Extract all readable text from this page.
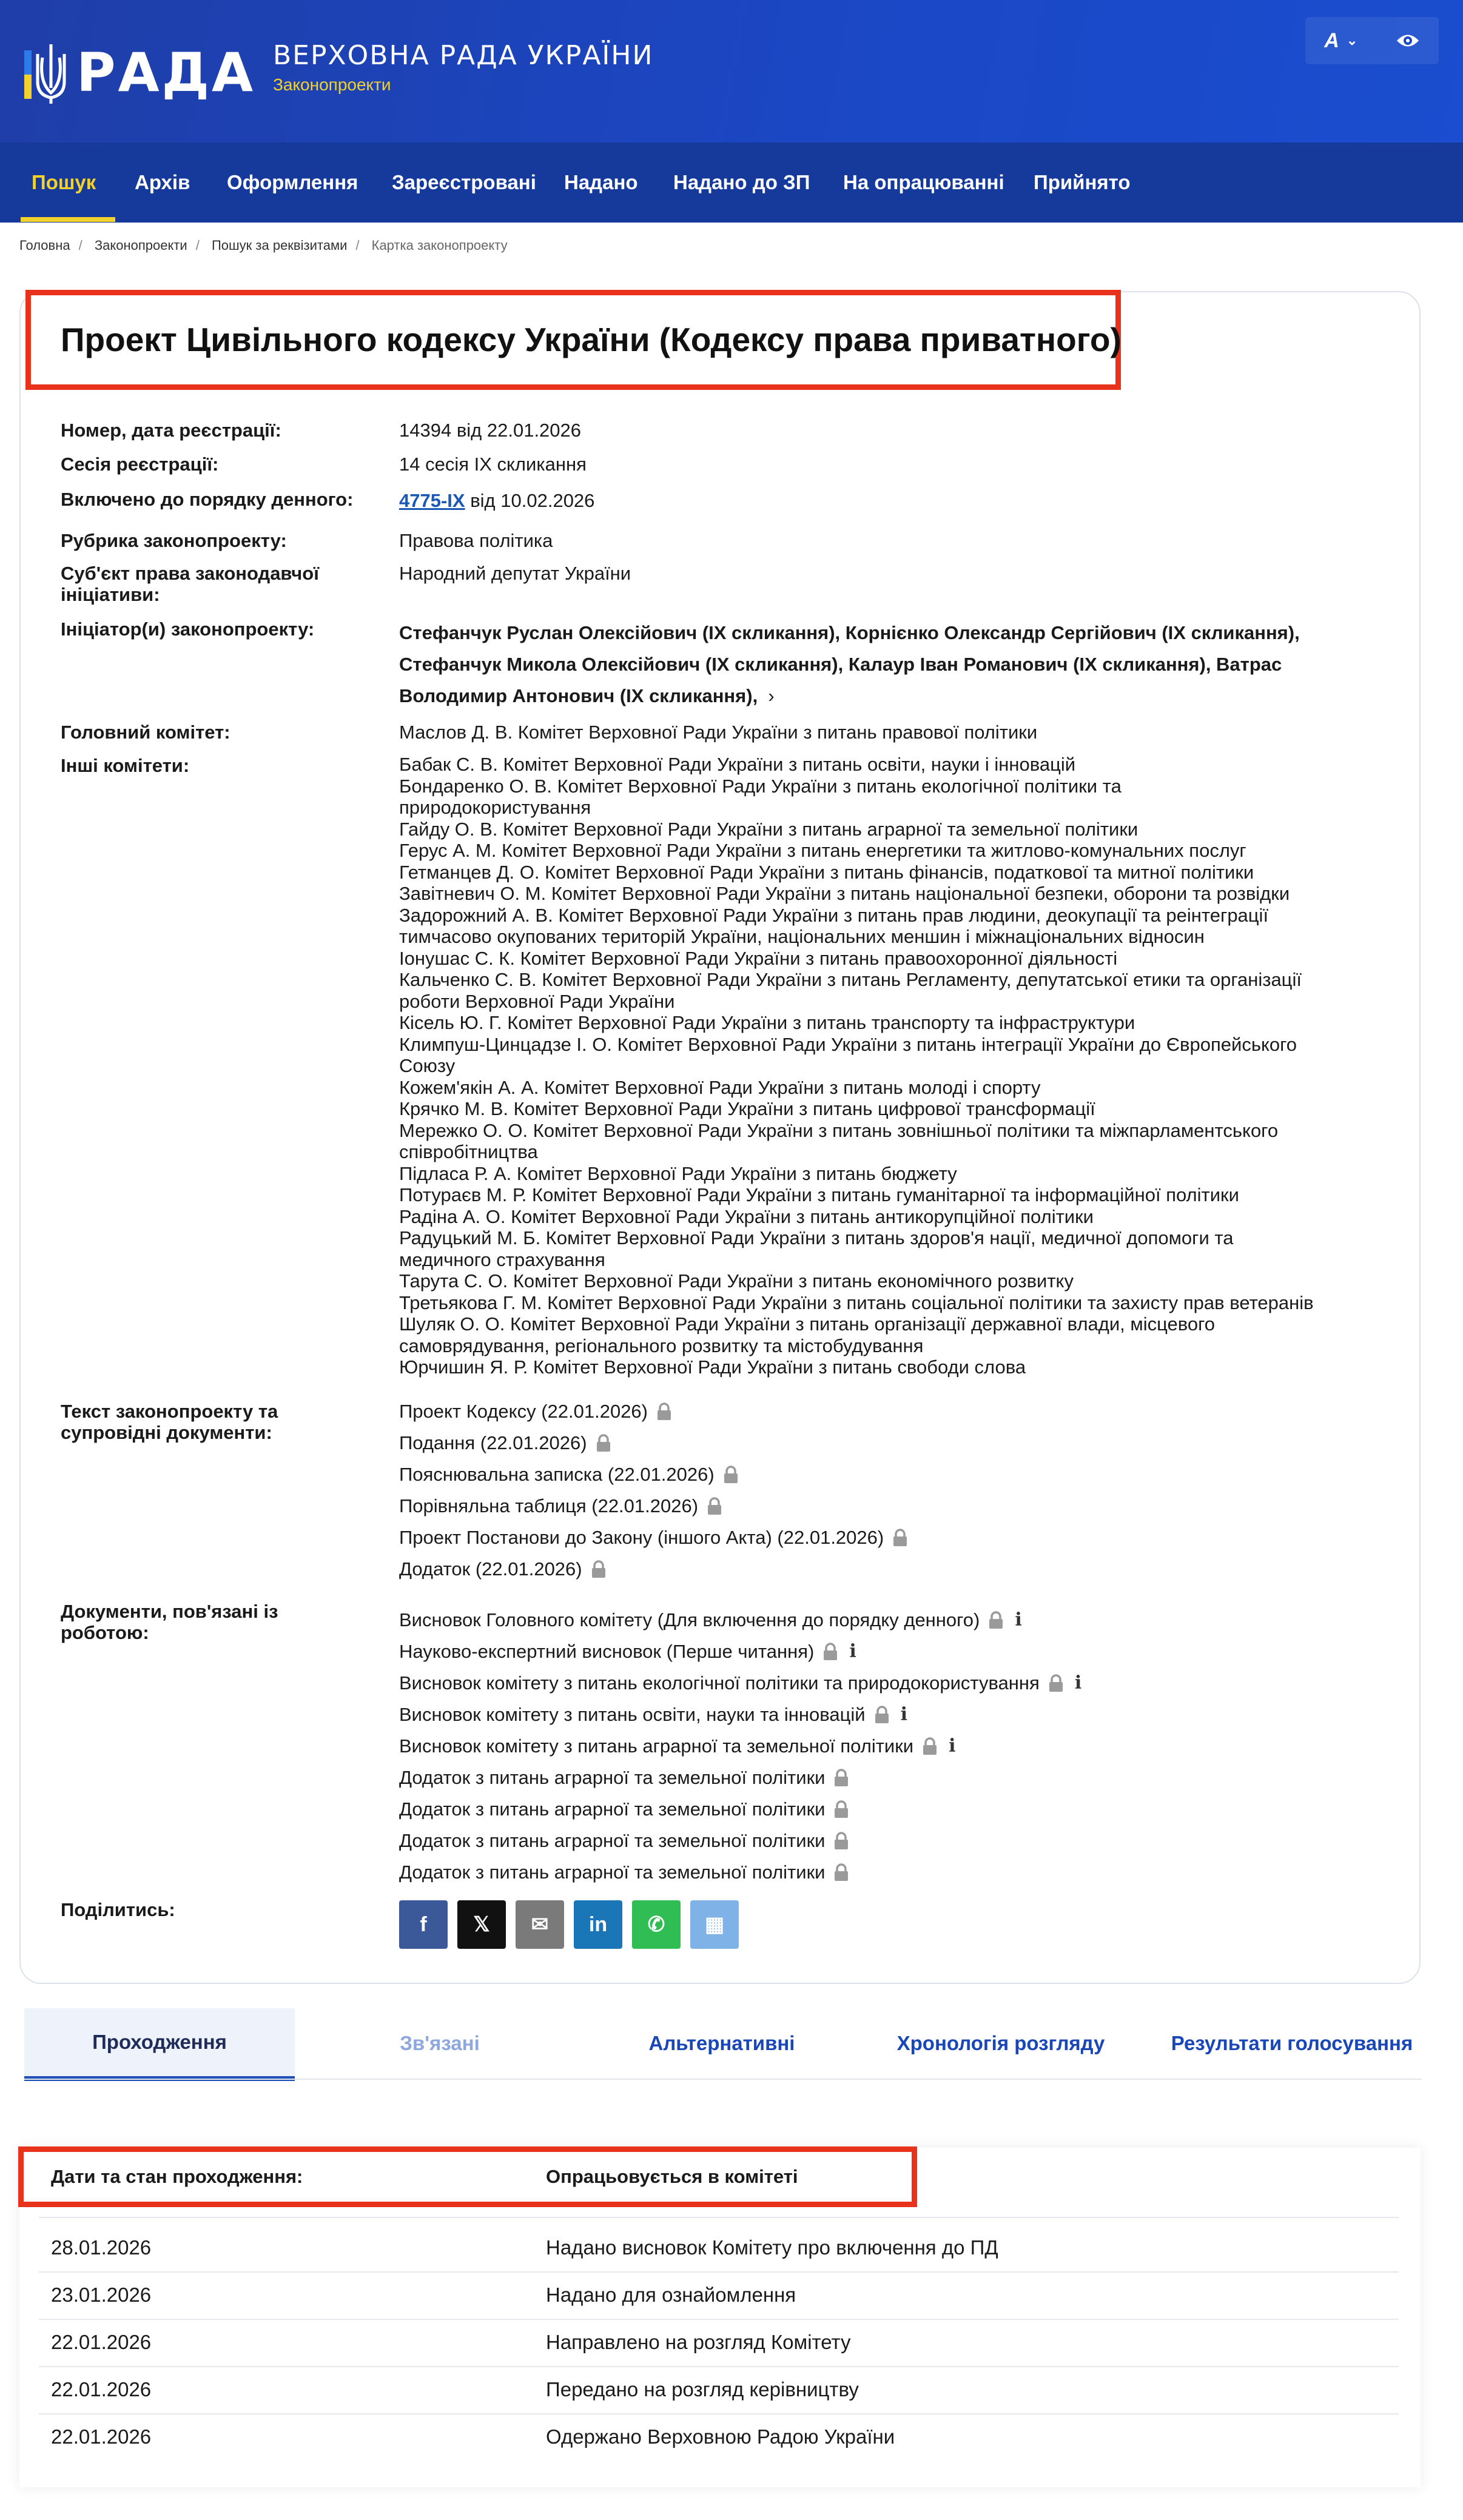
РАДА ВЕРХОВНА РАДА УКРАЇНИ
Законопроекти
A ⌄
Пошук Архів Оформлення Зареєстровані Надано Надано до ЗП На опрацюванні Прийнято
Головна / Законопроекти / Пошук за реквізитами / Картка законопроекту
Проект Цивільного кодексу України (Кодексу права приватного)
Номер, дата реєстрації:	14394 від 22.01.2026
Сесія реєстрації:	14 сесія IX скликання
Включено до порядку денного:	4775-IX від 10.02.2026
Рубрика законопроекту:	Правова політика
Суб'єкт права законодавчої ініціативи:
Народний депутат України
Ініціатор(и) законопроекту:	Стефанчук Руслан Олексійович (IX скликання), Корнієнко Олександр Сергійович (IX скликання), Стефанчук Микола Олексійович (IX скликання), Калаур Іван Романович (IX скликання), Ватрас Володимир Антонович (IX скликання),  ›
Головний комітет:	Маслов Д. В. Комітет Верховної Ради України з питань правової політики
Інші комітети:	Бабак С. В. Комітет Верховної Ради України з питань освіти, науки і інновацій
Бондаренко О. В. Комітет Верховної Ради України з питань екологічної політики та
природокористування
Гайду О. В. Комітет Верховної Ради України з питань аграрної та земельної політики
Герус А. М. Комітет Верховної Ради України з питань енергетики та житлово-комунальних послуг
Гетманцев Д. О. Комітет Верховної Ради України з питань фінансів, податкової та митної політики
Завітневич О. М. Комітет Верховної Ради України з питань національної безпеки, оборони та розвідки
Задорожний А. В. Комітет Верховної Ради України з питань прав людини, деокупації та реінтеграції
тимчасово окупованих територій України, національних меншин і міжнаціональних відносин
Іонушас С. К. Комітет Верховної Ради України з питань правоохоронної діяльності
Кальченко С. В. Комітет Верховної Ради України з питань Регламенту, депутатської етики та організації
роботи Верховної Ради України
Кісель Ю. Г. Комітет Верховної Ради України з питань транспорту та інфраструктури
Климпуш-Цинцадзе І. О. Комітет Верховної Ради України з питань інтеграції України до Європейського
Союзу
Кожем'якін А. А. Комітет Верховної Ради України з питань молоді і спорту
Крячко М. В. Комітет Верховної Ради України з питань цифрової трансформації
Мережко О. О. Комітет Верховної Ради України з питань зовнішньої політики та міжпарламентського
співробітництва
Підласа Р. А. Комітет Верховної Ради України з питань бюджету
Потураєв М. Р. Комітет Верховної Ради України з питань гуманітарної та інформаційної політики
Радіна А. О. Комітет Верховної Ради України з питань антикорупційної політики
Радуцький М. Б. Комітет Верховної Ради України з питань здоров'я нації, медичної допомоги та
медичного страхування
Тарута С. О. Комітет Верховної Ради України з питань економічного розвитку
Третьякова Г. М. Комітет Верховної Ради України з питань соціальної політики та захисту прав ветеранів
Шуляк О. О. Комітет Верховної Ради України з питань організації державної влади, місцевого
самоврядування, регіонального розвитку та містобудування
Юрчишин Я. Р. Комітет Верховної Ради України з питань свободи слова
Текст законопроекту та супровідні документи:
Проект Кодексу (22.01.2026)
Подання (22.01.2026)
Пояснювальна записка (22.01.2026)
Порівняльна таблиця (22.01.2026)
Проект Постанови до Закону (іншого Акта) (22.01.2026)
Додаток (22.01.2026)
Документи, пов'язані із роботою:
Висновок Головного комітету (Для включення до порядку денного) i
Науково-експертний висновок (Перше читання) i
Висновок комітету з питань екологічної політики та природокористування i
Висновок комітету з питань освіти, науки та інновацій i
Висновок комітету з питань аграрної та земельної політики i
Додаток з питань аграрної та земельної політики
Додаток з питань аграрної та земельної політики
Додаток з питань аграрної та земельної політики
Додаток з питань аграрної та земельної політики
Поділитись:
f	𝕏	✉	in	✆	▦
Проходження	Зв'язані	Альтернативні	Хронологія розгляду	Результати голосування
Дати та стан проходження:	Опрацьовується в комітеті
28.01.2026	Надано висновок Комітету про включення до ПД
23.01.2026	Надано для ознайомлення
22.01.2026	Направлено на розгляд Комітету
22.01.2026	Передано на розгляд керівництву
22.01.2026	Одержано Верховною Радою України
